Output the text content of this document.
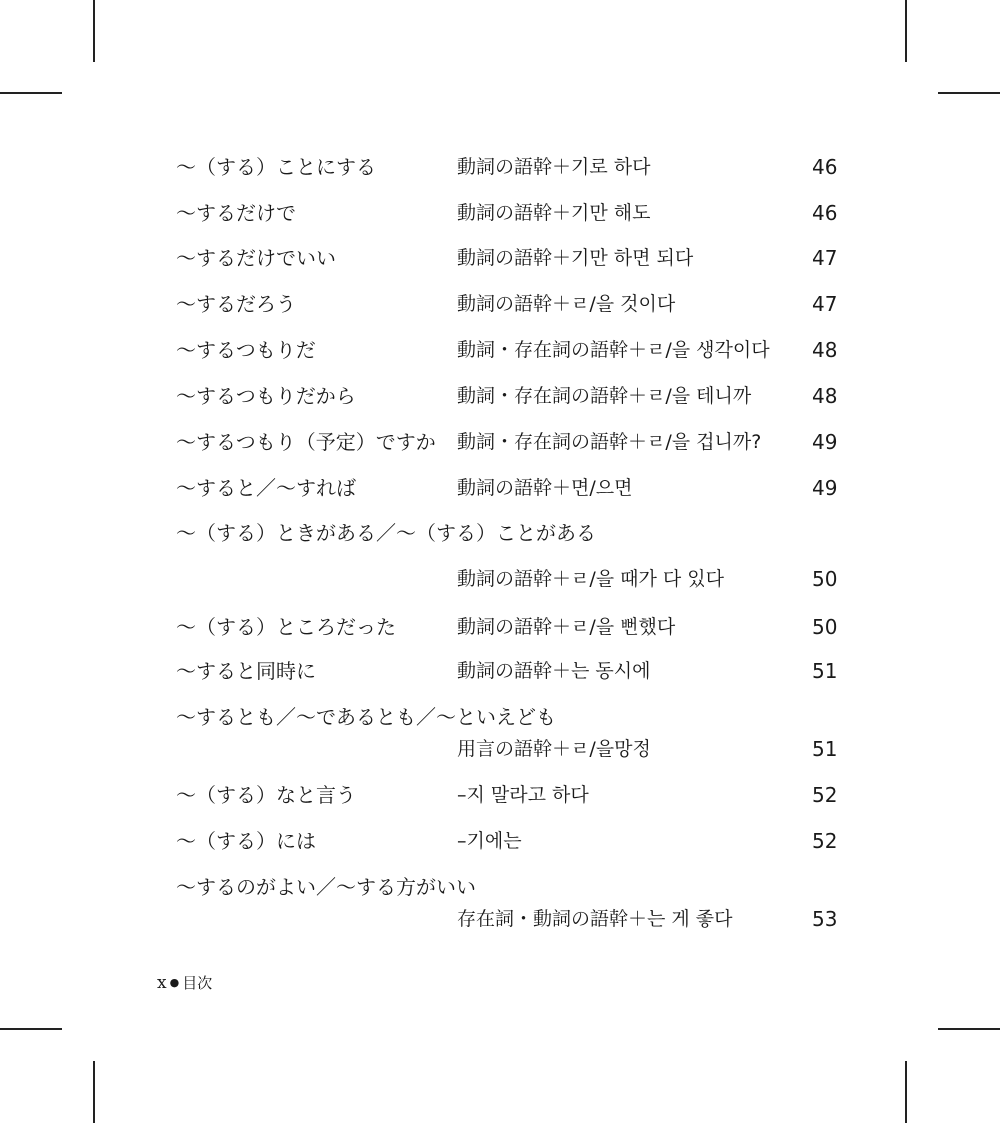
〜（する）ことにする	動詞の語幹＋기로 하다	46
〜するだけで	動詞の語幹＋기만 해도	46
〜するだけでいい	動詞の語幹＋기만 하면 되다	47
〜するだろう	動詞の語幹＋ㄹ/을 것이다	47
〜するつもりだ	動詞・存在詞の語幹＋ㄹ/을 생각이다 48
〜するつもりだから	動詞・存在詞の語幹＋ㄹ/을 테니까	48
〜するつもり（予定）ですか 動詞・存在詞の語幹＋ㄹ/을 겁니까?	49
〜すると／〜すれば	動詞の語幹＋면/으면	49
〜（する）ときがある／〜（する）ことがある
動詞の語幹＋ㄹ/을 때가 다 있다	50
〜（する）ところだった	動詞の語幹＋ㄹ/을 뻔했다	50
〜すると同時に	動詞の語幹＋는 동시에	51
〜するとも／〜であるとも／〜といえども
用言の語幹＋ㄹ/을망정	51
〜（する）なと言う	–지 말라고 하다	52
〜（する）には	–기에는	52
〜するのがよい／〜する方がいい
存在詞・動詞の語幹＋는 게 좋다	53
x ● 目次
